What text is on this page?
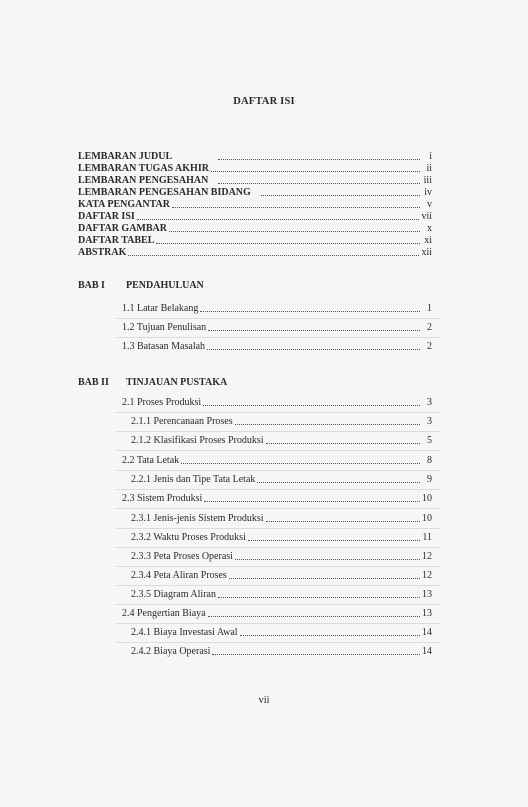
DAFTAR ISI
LEMBARAN JUDUL	i
LEMBARAN TUGAS AKHIR	ii
LEMBARAN PENGESAHAN	iii
LEMBARAN PENGESAHAN BIDANG	iv
KATA PENGANTAR	v
DAFTAR ISI	vii
DAFTAR GAMBAR	x
DAFTAR TABEL	xi
ABSTRAK	xii
BAB I PENDAHULUAN
1.1 Latar Belakang	1
1.2 Tujuan Penulisan	2
1.3 Batasan Masalah	2
BAB II TINJAUAN PUSTAKA
2.1 Proses Produksi	3
2.1.1 Perencanaan Proses	3
2.1.2 Klasifikasi Proses Produksi	5
2.2 Tata Letak	8
2.2.1 Jenis dan Tipe Tata Letak	9
2.3 Sistem Produksi	10
2.3.1 Jenis-jenis Sistem Produksi	10
2.3.2 Waktu Proses Produksi	11
2.3.3 Peta Proses Operasi	12
2.3.4 Peta Aliran Proses	12
2.3.5 Diagram Aliran	13
2.4 Pengertian Biaya	13
2.4.1 Biaya Investasi Awal	14
2.4.2 Biaya Operasi	14
vii
